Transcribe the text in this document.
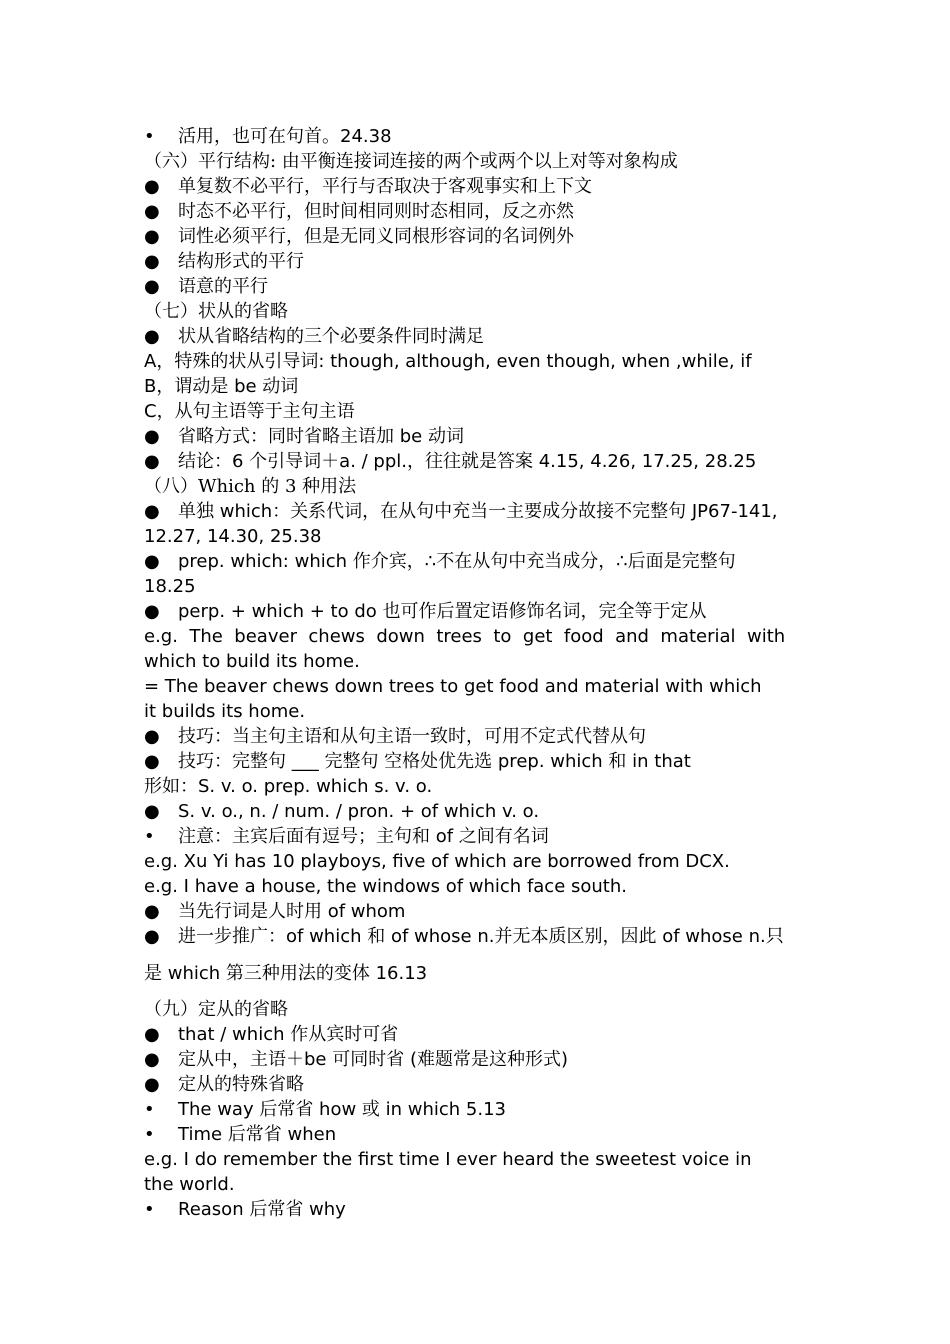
• 活用，也可在句首。24.38
（六）平行结构: 由平衡连接词连接的两个或两个以上对等对象构成
● 单复数不必平行，平行与否取决于客观事实和上下文
● 时态不必平行，但时间相同则时态相同，反之亦然
● 词性必须平行，但是无同义同根形容词的名词例外
● 结构形式的平行
● 语意的平行
（七）状从的省略
● 状从省略结构的三个必要条件同时满足
A，特殊的状从引导词: though, although, even though, when ,while, if
B，谓动是 be 动词
C，从句主语等于主句主语
● 省略方式：同时省略主语加 be 动词
● 结论：6 个引导词＋a. / ppl.，往往就是答案 4.15, 4.26, 17.25, 28.25
（八）Which 的 3 种用法
● 单独 which：关系代词，在从句中充当一主要成分故接不完整句 JP67-141,
12.27, 14.30, 25.38
● prep. which: which 作介宾，∴不在从句中充当成分，∴后面是完整句
18.25
● perp. + which + to do 也可作后置定语修饰名词，完全等于定从
e.g.  The  beaver  chews  down  trees  to  get  food  and  material  with
which to build its home.
= The beaver chews down trees to get food and material with which
it builds its home.
● 技巧：当主句主语和从句主语一致时，可用不定式代替从句
● 技巧：完整句 ___ 完整句 空格处优先选 prep. which 和 in that
形如：S. v. o. prep. which s. v. o.
● S. v. o., n. / num. / pron. + of which v. o.
• 注意：主宾后面有逗号；主句和 of 之间有名词
e.g. Xu Yi has 10 playboys, five of which are borrowed from DCX.
e.g. I have a house, the windows of which face south.
● 当先行词是人时用 of whom
● 进一步推广：of which 和 of whose n.并无本质区别，因此 of whose n.只
是 which 第三种用法的变体 16.13
（九）定从的省略
● that / which 作从宾时可省
● 定从中，主语＋be 可同时省 (难题常是这种形式)
● 定从的特殊省略
• The way 后常省 how 或 in which 5.13
• Time 后常省 when
e.g. I do remember the first time I ever heard the sweetest voice in
the world.
• Reason 后常省 why
